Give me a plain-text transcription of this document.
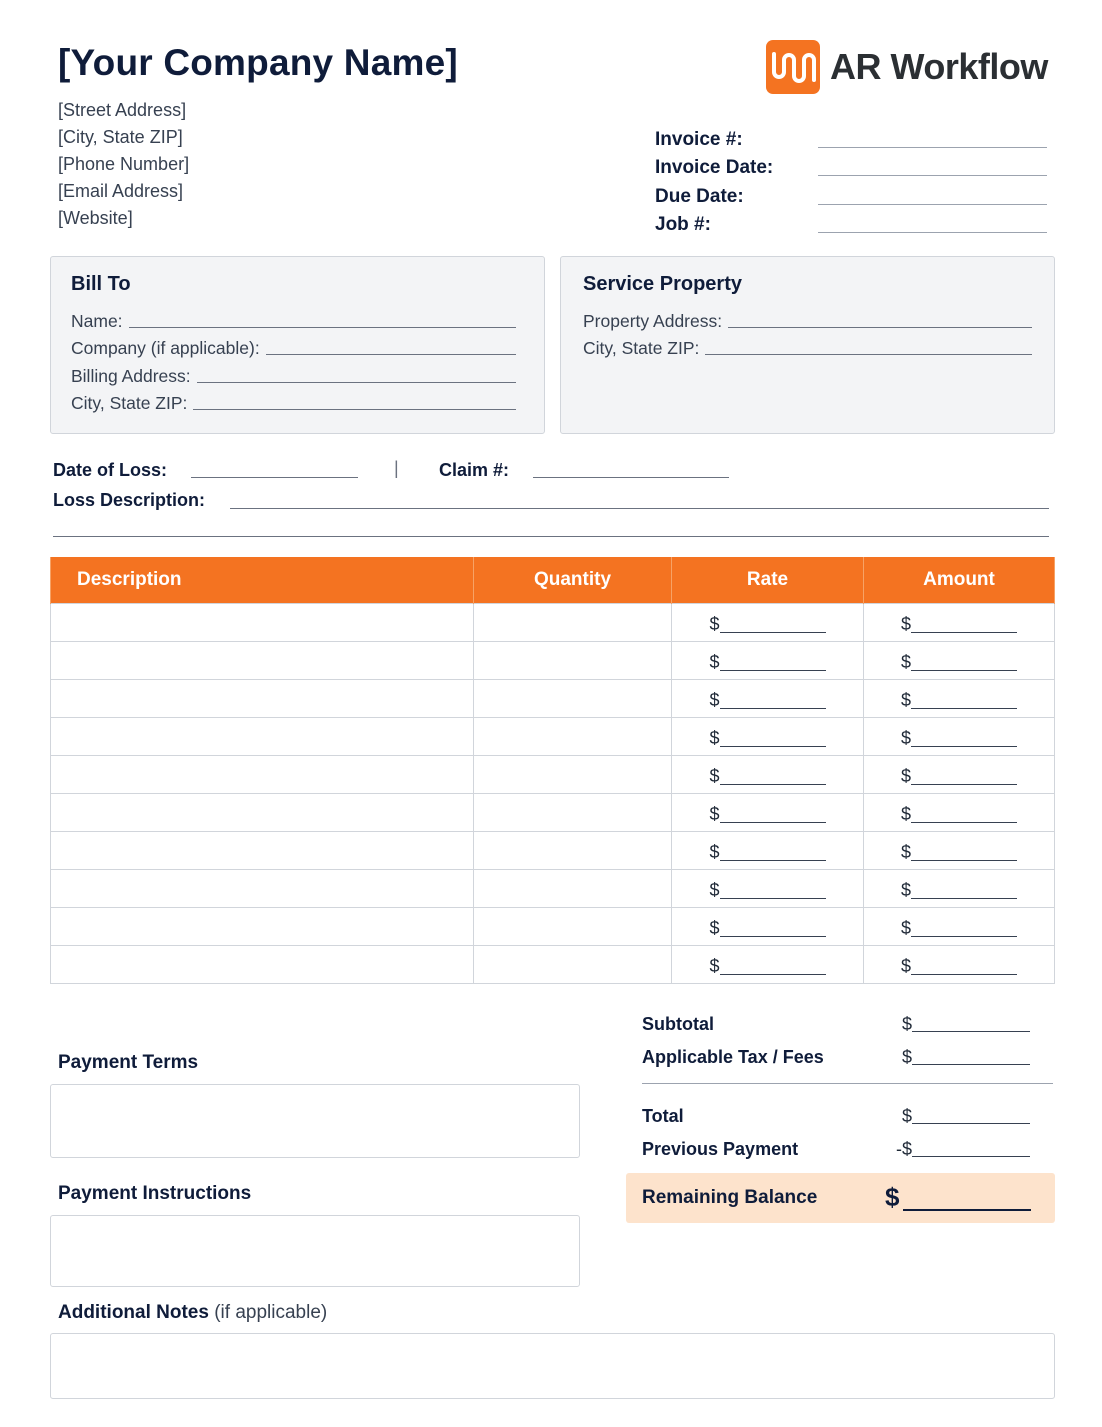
[Your Company Name]
[Street Address]
[City, State ZIP]
[Phone Number]
[Email Address]
[Website]
AR Workflow
Invoice #:
Invoice Date:
Due Date:
Job #:
Bill To
Name:
Company (if applicable):
Billing Address:
City, State ZIP:
Service Property
Property Address:
City, State ZIP:
Date of Loss:	| Claim #:
Loss Description:
Description	Quantity	Rate	Amount

		$	$

		$	$

		$	$

		$	$

		$	$

		$	$

		$	$

		$	$

		$	$

		$	$
Subtotal	$
Applicable Tax / Fees	$
Total	$
Previous Payment	-$
Remaining Balance	$
Payment Terms
Payment Instructions
Additional Notes (if applicable)
